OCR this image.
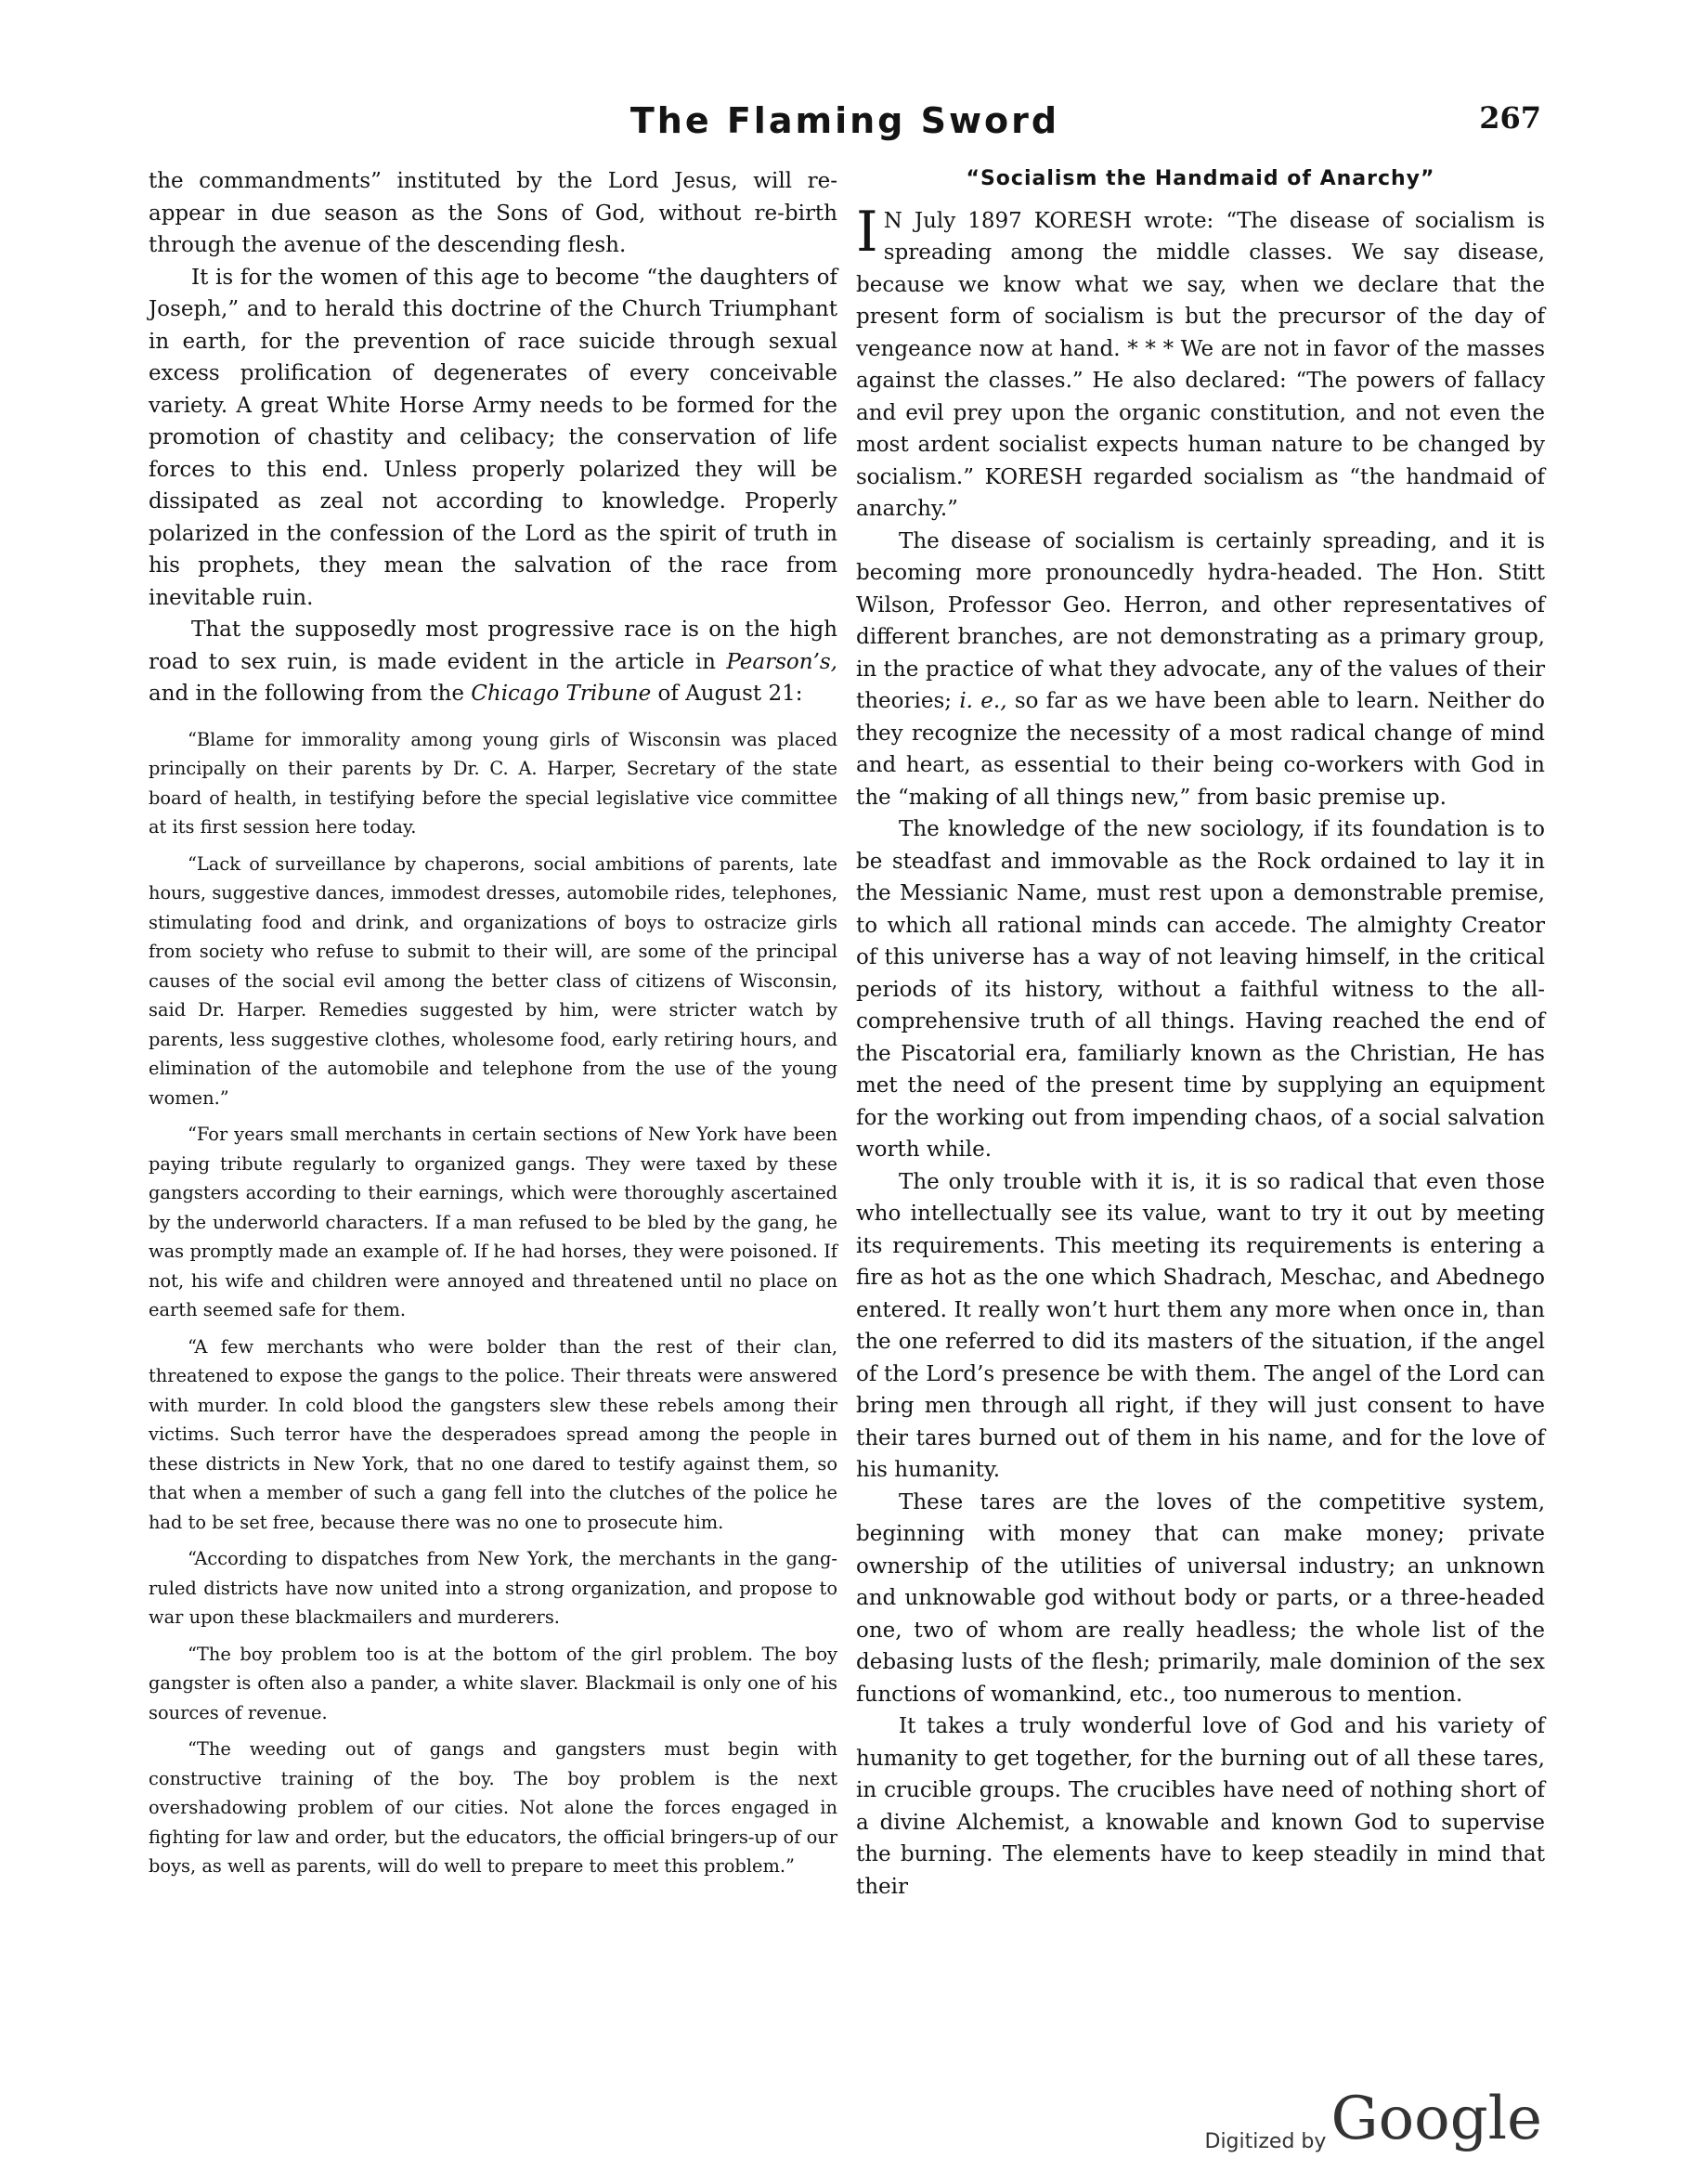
The Flaming Sword	267

the commandments” instituted by the Lord Jesus, will re-appear in due season as the Sons of God, without re-birth through the avenue of the descending flesh.

It is for the women of this age to become “the daughters of Joseph,” and to herald this doctrine of the Church Triumphant in earth, for the prevention of race suicide through sexual excess prolification of degenerates of every conceivable variety. A great White Horse Army needs to be formed for the promotion of chastity and celibacy; the conservation of life forces to this end. Unless properly polarized they will be dissipated as zeal not according to knowledge. Properly polarized in the confession of the Lord as the spirit of truth in his prophets, they mean the salvation of the race from inevitable ruin.

That the supposedly most progressive race is on the high road to sex ruin, is made evident in the article in Pearson’s, and in the following from the Chicago Tribune of August 21:

“Blame for immorality among young girls of Wisconsin was placed principally on their parents by Dr. C. A. Harper, Secretary of the state board of health, in testifying before the special legislative vice committee at its first session here today.

“Lack of surveillance by chaperons, social ambitions of parents, late hours, suggestive dances, immodest dresses, automobile rides, telephones, stimulating food and drink, and organizations of boys to ostracize girls from society who refuse to submit to their will, are some of the principal causes of the social evil among the better class of citizens of Wisconsin, said Dr. Harper. Remedies suggested by him, were stricter watch by parents, less suggestive clothes, wholesome food, early retiring hours, and elimination of the automobile and telephone from the use of the young women.”

“For years small merchants in certain sections of New York have been paying tribute regularly to organized gangs. They were taxed by these gangsters according to their earnings, which were thoroughly ascertained by the underworld characters. If a man refused to be bled by the gang, he was promptly made an example of. If he had horses, they were poisoned. If not, his wife and children were annoyed and threatened until no place on earth seemed safe for them.

“A few merchants who were bolder than the rest of their clan, threatened to expose the gangs to the police. Their threats were answered with murder. In cold blood the gangsters slew these rebels among their victims. Such terror have the desperadoes spread among the people in these districts in New York, that no one dared to testify against them, so that when a member of such a gang fell into the clutches of the police he had to be set free, because there was no one to prosecute him.

“According to dispatches from New York, the merchants in the gang-ruled districts have now united into a strong organization, and propose to war upon these blackmailers and murderers.

“The boy problem too is at the bottom of the girl problem. The boy gangster is often also a pander, a white slaver. Blackmail is only one of his sources of revenue.

“The weeding out of gangs and gangsters must begin with constructive training of the boy. The boy problem is the next overshadowing problem of our cities. Not alone the forces engaged in fighting for law and order, but the educators, the official bringers-up of our boys, as well as parents, will do well to prepare to meet this problem.”

“Socialism the Handmaid of Anarchy”

I N July 1897 KORESH wrote: “The disease of socialism is spreading among the middle classes. We say disease, because we know what we say, when we declare that the present form of socialism is but the precursor of the day of vengeance now at hand. * * * We are not in favor of the masses against the classes.” He also declared: “The powers of fallacy and evil prey upon the organic constitution, and not even the most ardent socialist expects human nature to be changed by socialism.” KORESH regarded socialism as “the handmaid of anarchy.”

The disease of socialism is certainly spreading, and it is becoming more pronouncedly hydra-headed. The Hon. Stitt Wilson, Professor Geo. Herron, and other representatives of different branches, are not demonstrating as a primary group, in the practice of what they advocate, any of the values of their theories; i. e., so far as we have been able to learn. Neither do they recognize the necessity of a most radical change of mind and heart, as essential to their being co-workers with God in the “making of all things new,” from basic premise up.

The knowledge of the new sociology, if its foundation is to be steadfast and immovable as the Rock ordained to lay it in the Messianic Name, must rest upon a demonstrable premise, to which all rational minds can accede. The almighty Creator of this universe has a way of not leaving himself, in the critical periods of its history, without a faithful witness to the all-comprehensive truth of all things. Having reached the end of the Piscatorial era, familiarly known as the Christian, He has met the need of the present time by supplying an equipment for the working out from impending chaos, of a social salvation worth while.

The only trouble with it is, it is so radical that even those who intellectually see its value, want to try it out by meeting its requirements. This meeting its requirements is entering a fire as hot as the one which Shadrach, Meschac, and Abednego entered. It really won’t hurt them any more when once in, than the one referred to did its masters of the situation, if the angel of the Lord’s presence be with them. The angel of the Lord can bring men through all right, if they will just consent to have their tares burned out of them in his name, and for the love of his humanity.

These tares are the loves of the competitive system, beginning with money that can make money; private ownership of the utilities of universal industry; an unknown and unknowable god without body or parts, or a three-headed one, two of whom are really headless; the whole list of the debasing lusts of the flesh; primarily, male dominion of the sex functions of womankind, etc., too numerous to mention.

It takes a truly wonderful love of God and his variety of humanity to get together, for the burning out of all these tares, in crucible groups. The crucibles have need of nothing short of a divine Alchemist, a knowable and known God to supervise the burning. The elements have to keep steadily in mind that their

Digitized by Google
